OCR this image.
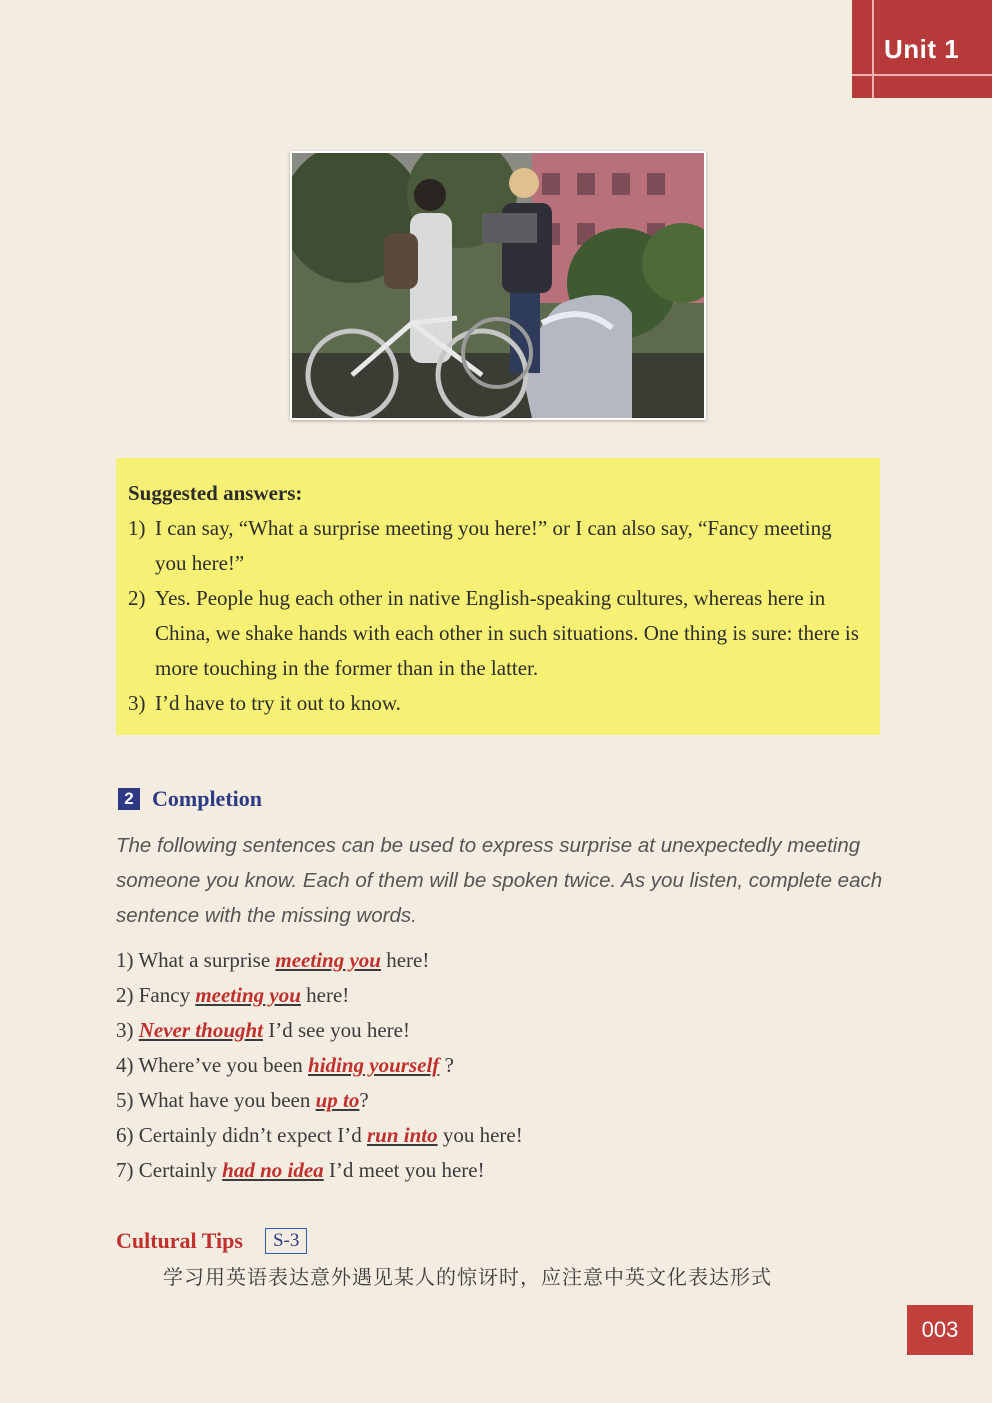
Unit 1
Suggested answers:
1) I can say, “What a surprise meeting you here!” or I can also say, “Fancy meeting you here!”
2) Yes. People hug each other in native English-speaking cultures, whereas here in China, we shake hands with each other in such situations. One thing is sure: there is more touching in the former than in the latter.
3) I’d have to try it out to know.
2 Completion
The following sentences can be used to express surprise at unexpectedly meeting someone you know. Each of them will be spoken twice. As you listen, complete each sentence with the missing words.
1) What a surprise meeting you here!
2) Fancy meeting you here!
3) Never thought I’d see you here!
4) Where’ve you been hiding yourself ?
5) What have you been up to?
6) Certainly didn’t expect I’d run into you here!
7) Certainly had no idea I’d meet you here!
Cultural Tips	S-3
学习用英语表达意外遇见某人的惊讶时，应注意中英文化表达形式
003
